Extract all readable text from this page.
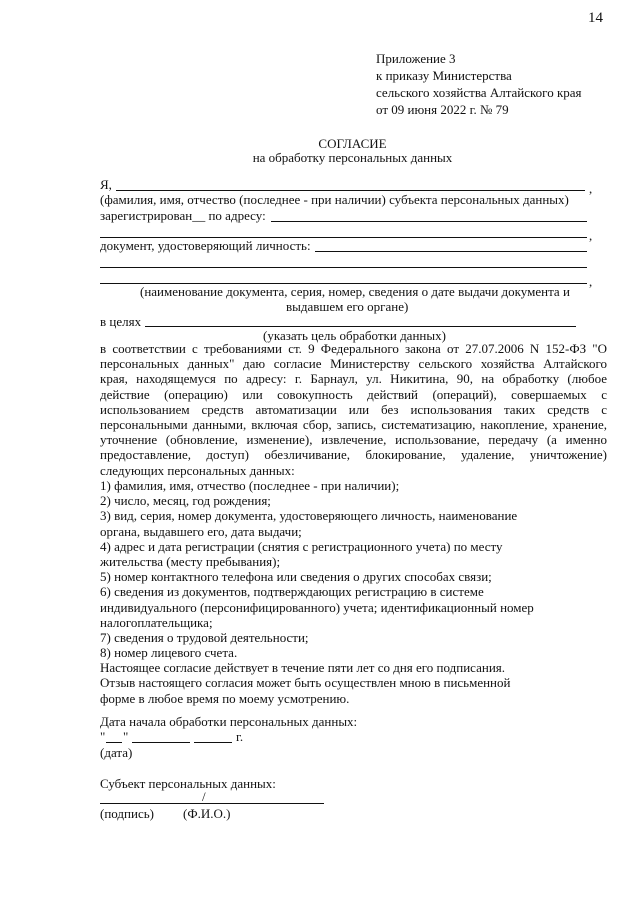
14
Приложение 3
к приказу Министерства
сельского хозяйства Алтайского края
от 09 июня 2022 г. № 79
СОГЛАСИЕ
на обработку персональных данных
Я,	,
(фамилия, имя, отчество (последнее - при наличии) субъекта персональных данных)
зарегистрирован__ по адресу:
,
документ, удостоверяющий личность:
,
(наименование документа, серия, номер, сведения о дате выдачи документа и
выдавшем его органе)
в целях
(указать цель обработки данных)
в соответствии с требованиями ст. 9 Федерального закона от 27.07.2006 N 152-ФЗ "О
персональных данных" даю согласие Министерству сельского хозяйства Алтайского
края, находящемуся по адресу: г. Барнаул, ул. Никитина, 90, на обработку (любое
действие (операцию) или совокупность действий (операций), совершаемых с
использованием средств автоматизации или без использования таких средств с
персональными данными, включая сбор, запись, систематизацию, накопление, хранение,
уточнение (обновление, изменение), извлечение, использование, передачу (а именно
предоставление, доступ) обезличивание, блокирование, удаление, уничтожение)
следующих персональных данных:
1) фамилия, имя, отчество (последнее - при наличии);
2) число, месяц, год рождения;
3) вид, серия, номер документа, удостоверяющего личность, наименование
органа, выдавшего его, дата выдачи;
4) адрес и дата регистрации (снятия с регистрационного учета) по месту
жительства (месту пребывания);
5) номер контактного телефона или сведения о других способах связи;
6) сведения из документов, подтверждающих регистрацию в системе
индивидуального (персонифицированного) учета; идентификационный номер
налогоплательщика;
7) сведения о трудовой деятельности;
8) номер лицевого счета.
Настоящее согласие действует в течение пяти лет со дня его подписания.
Отзыв настоящего согласия может быть осуществлен мною в письменной
форме в любое время по моему усмотрению.
Дата начала обработки персональных данных:
" "	г.
(дата)
Субъект персональных данных:
/
(подпись) (Ф.И.О.)
